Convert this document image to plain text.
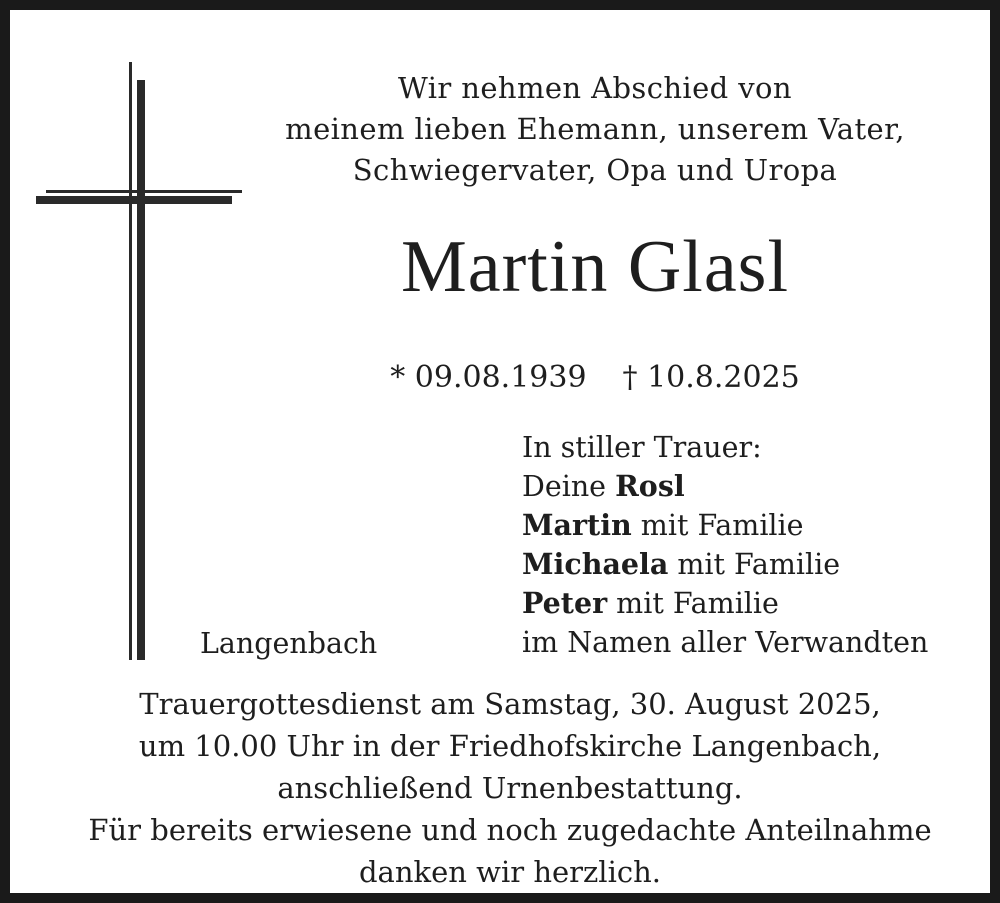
Wir nehmen Abschied von
meinem lieben Ehemann, unserem Vater,
Schwiegervater, Opa und Uropa
Martin Glasl
* 09.08.1939 † 10.8.2025
In stiller Trauer:
Deine Rosl
Martin mit Familie
Michaela mit Familie
Peter mit Familie
im Namen aller Verwandten
Langenbach
Trauergottesdienst am Samstag, 30. August 2025,
um 10.00 Uhr in der Friedhofskirche Langenbach,
anschließend Urnenbestattung.
Für bereits erwiesene und noch zugedachte Anteilnahme
danken wir herzlich.
